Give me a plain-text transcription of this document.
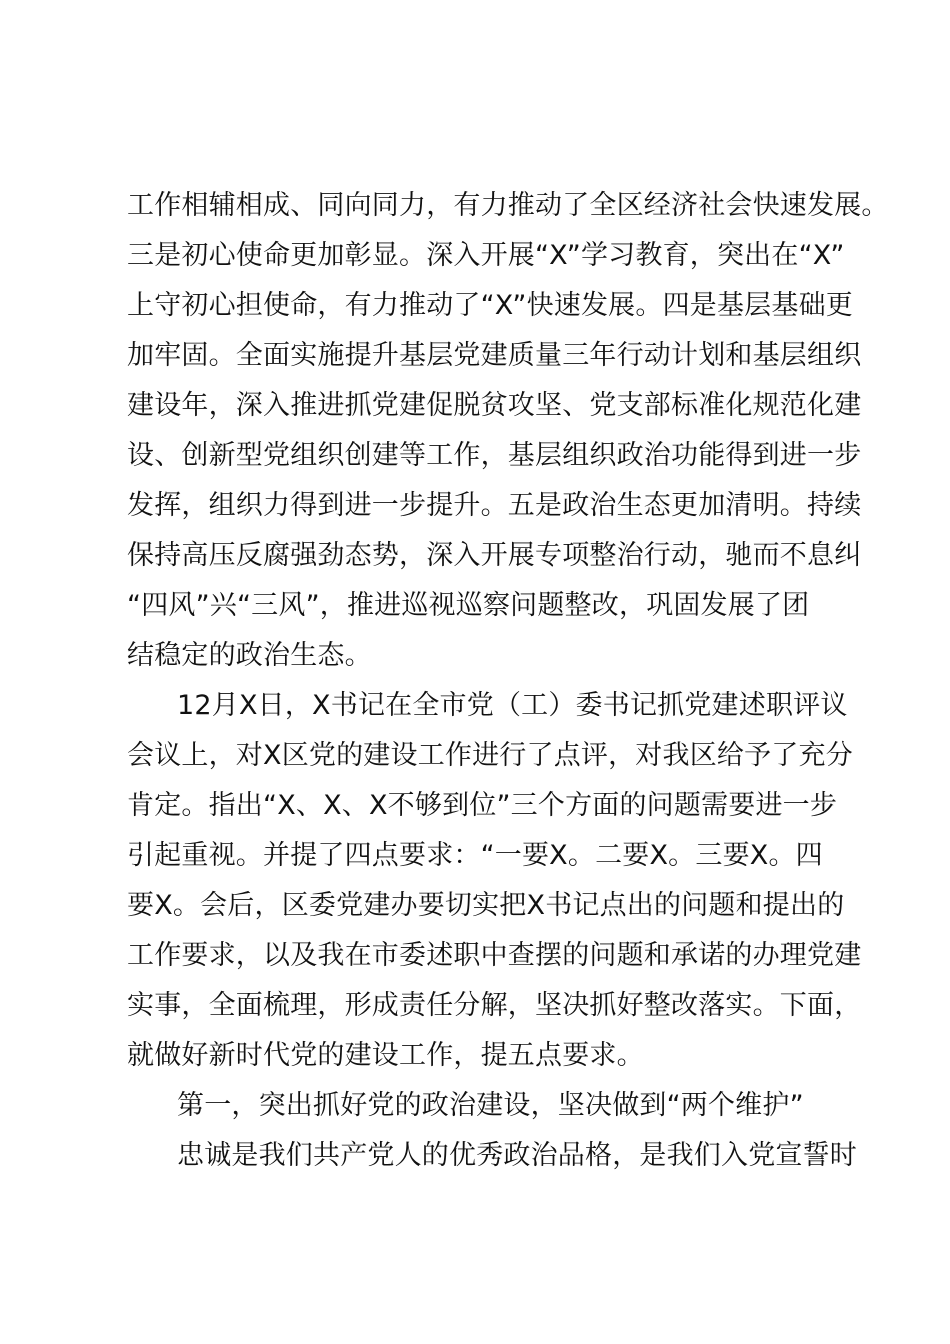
工作相辅相成、同向同力，有力推动了全区经济社会快速发展。
三是初心使命更加彰显。深入开展“X”学习教育，突出在“X”
上守初心担使命，有力推动了“X”快速发展。四是基层基础更
加牢固。全面实施提升基层党建质量三年行动计划和基层组织
建设年，深入推进抓党建促脱贫攻坚、党支部标准化规范化建
设、创新型党组织创建等工作，基层组织政治功能得到进一步
发挥，组织力得到进一步提升。五是政治生态更加清明。持续
保持高压反腐强劲态势，深入开展专项整治行动，驰而不息纠
“四风”兴“三风”，推进巡视巡察问题整改，巩固发展了团
结稳定的政治生态。
12月X日，X书记在全市党（工）委书记抓党建述职评议
会议上，对X区党的建设工作进行了点评，对我区给予了充分
肯定。指出“X、X、X不够到位”三个方面的问题需要进一步
引起重视。并提了四点要求：“一要X。二要X。三要X。四
要X。会后，区委党建办要切实把X书记点出的问题和提出的
工作要求，以及我在市委述职中查摆的问题和承诺的办理党建
实事，全面梳理，形成责任分解，坚决抓好整改落实。下面，
就做好新时代党的建设工作，提五点要求。
第一，突出抓好党的政治建设，坚决做到“两个维护”
忠诚是我们共产党人的优秀政治品格，是我们入党宣誓时
